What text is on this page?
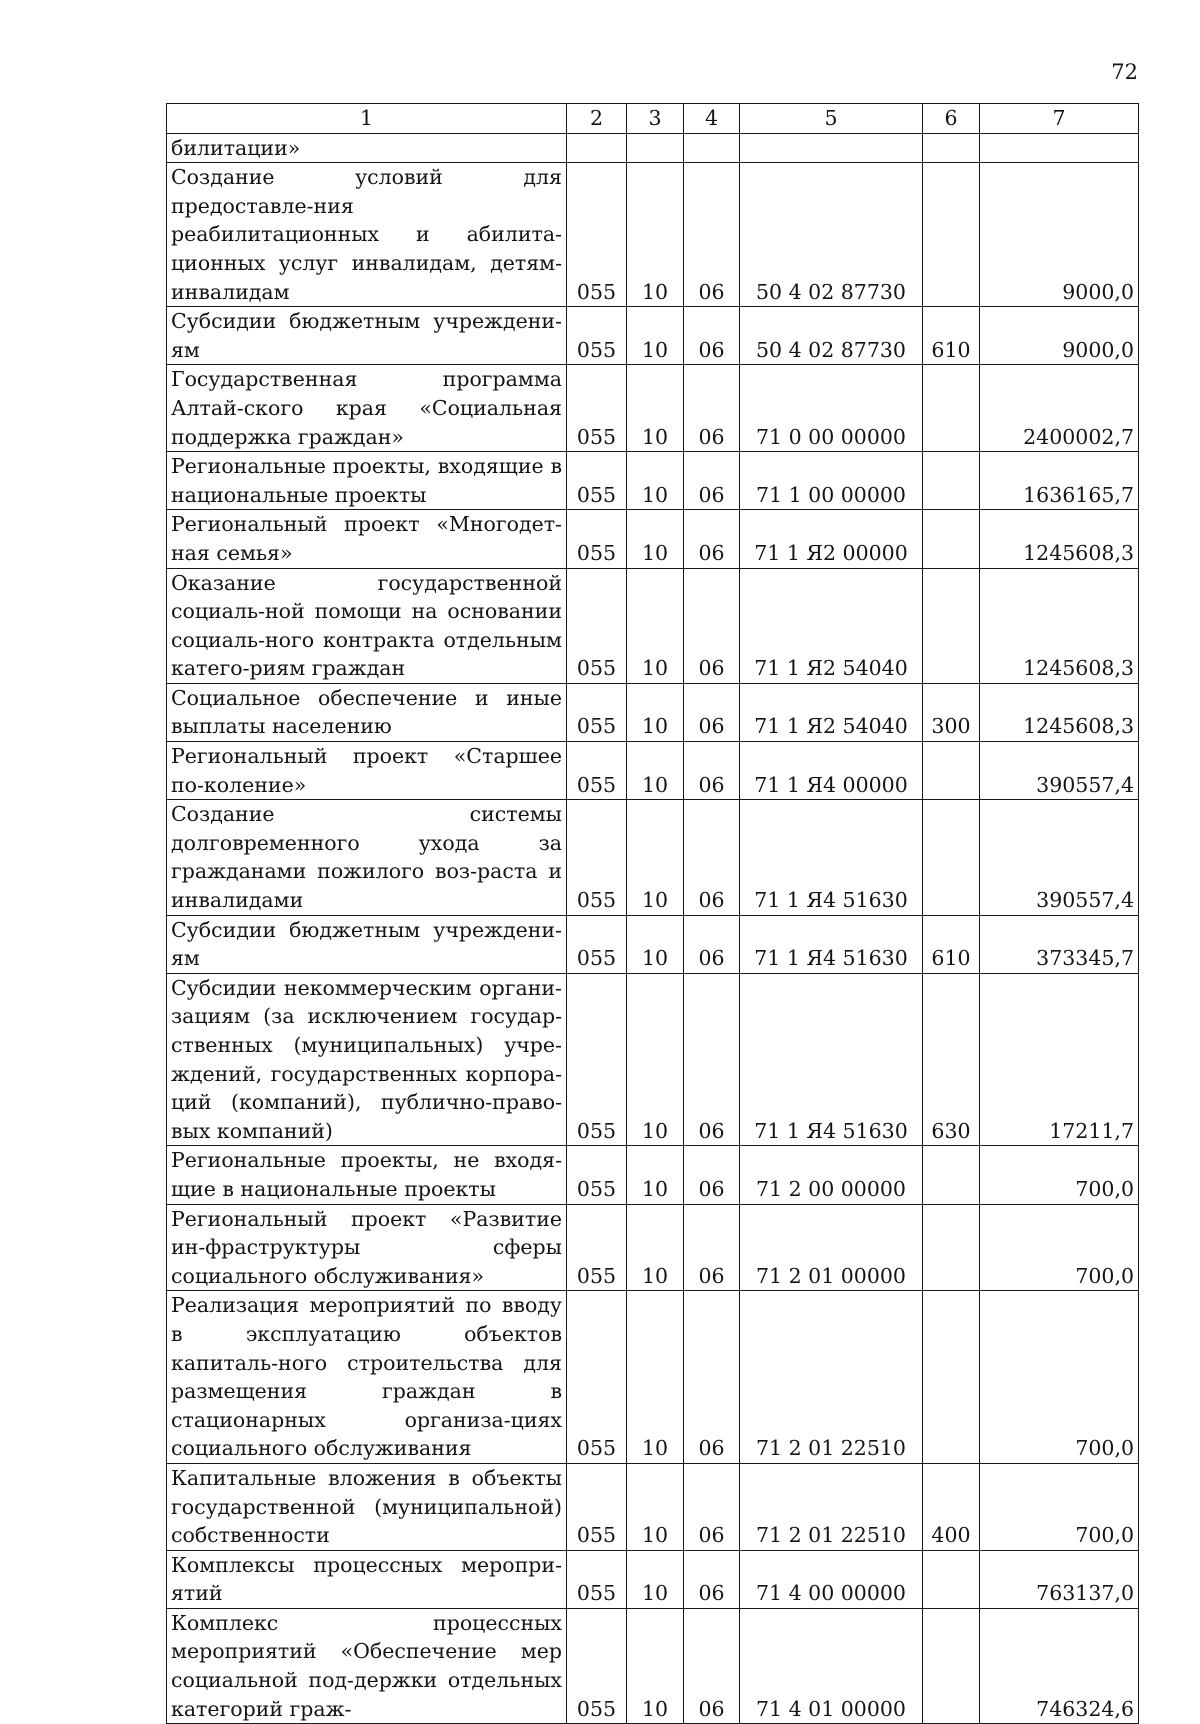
72
1	2	3	4	5	6	7
билитации»						
Создание условий для предоставле-ния реабилитационных и абилита-ционных услуг инвалидам, детям-инвалидам	055	10	06	50 4 02 87730		9000,0
Субсидии бюджетным учреждени-ям	055	10	06	50 4 02 87730	610	9000,0
Государственная программа Алтай-ского края «Социальная поддержка граждан»	055	10	06	71 0 00 00000		2400002,7
Региональные проекты, входящие в национальные проекты	055	10	06	71 1 00 00000		1636165,7
Региональный проект «Многодет-ная семья»	055	10	06	71 1 Я2 00000		1245608,3
Оказание государственной социаль-ной помощи на основании социаль-ного контракта отдельным катего-риям граждан	055	10	06	71 1 Я2 54040		1245608,3
Социальное обеспечение и иные выплаты населению	055	10	06	71 1 Я2 54040	300	1245608,3
Региональный проект «Старшее по-коление»	055	10	06	71 1 Я4 00000		390557,4
Создание системы долговременного ухода за гражданами пожилого воз-раста и инвалидами	055	10	06	71 1 Я4 51630		390557,4
Субсидии бюджетным учреждени-ям	055	10	06	71 1 Я4 51630	610	373345,7
Субсидии некоммерческим органи-зациям (за исключением государ-ственных (муниципальных) учре-ждений, государственных корпора-ций (компаний), публично-право-вых компаний)	055	10	06	71 1 Я4 51630	630	17211,7
Региональные проекты, не входя-щие в национальные проекты	055	10	06	71 2 00 00000		700,0
Региональный проект «Развитие ин-фраструктуры сферы социального обслуживания»	055	10	06	71 2 01 00000		700,0
Реализация мероприятий по вводу в эксплуатацию объектов капиталь-ного строительства для размещения граждан в стационарных организа-циях социального обслуживания	055	10	06	71 2 01 22510		700,0
Капитальные вложения в объекты государственной (муниципальной) собственности	055	10	06	71 2 01 22510	400	700,0
Комплексы процессных меропри-ятий	055	10	06	71 4 00 00000		763137,0
Комплекс процессных мероприятий «Обеспечение мер социальной под-держки отдельных категорий граж-	055	10	06	71 4 01 00000		746324,6
